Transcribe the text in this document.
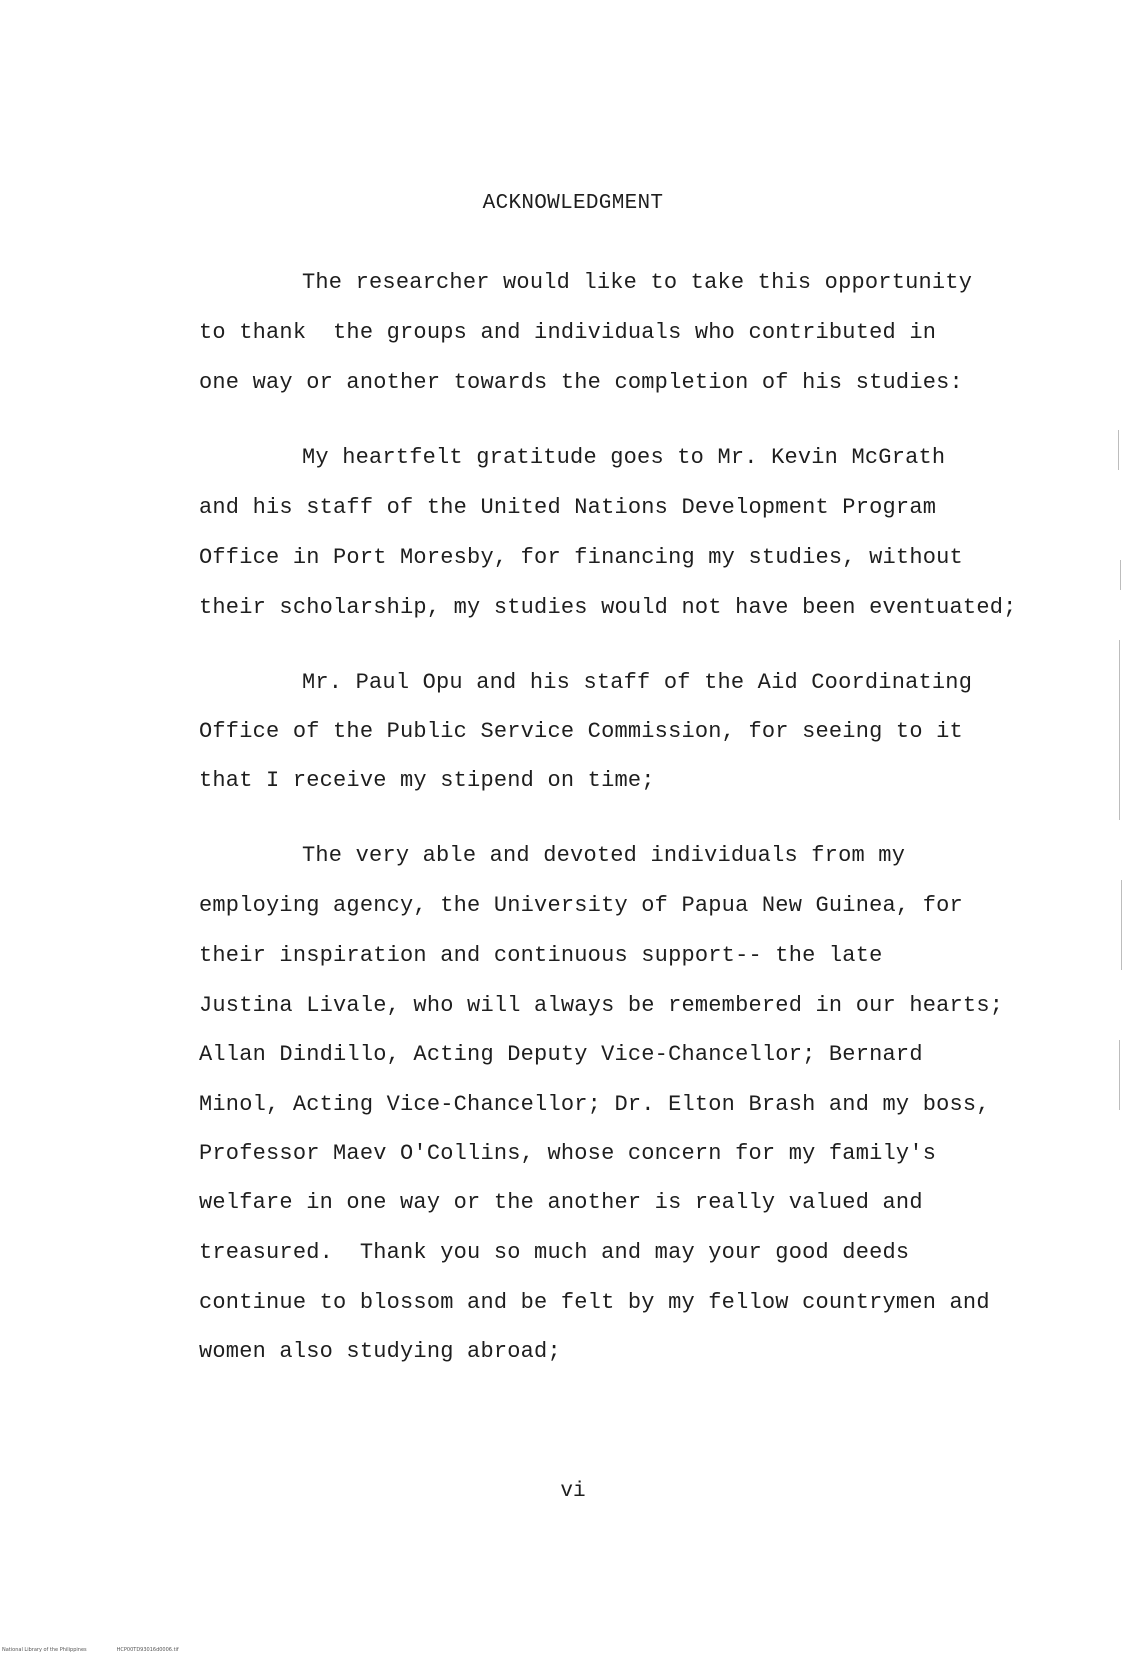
ACKNOWLEDGMENT
The researcher would like to take this opportunity
to thank  the groups and individuals who contributed in
one way or another towards the completion of his studies:
My heartfelt gratitude goes to Mr. Kevin McGrath
and his staff of the United Nations Development Program
Office in Port Moresby, for financing my studies, without
their scholarship, my studies would not have been eventuated;
Mr. Paul Opu and his staff of the Aid Coordinating
Office of the Public Service Commission, for seeing to it
that I receive my stipend on time;
The very able and devoted individuals from my
employing agency, the University of Papua New Guinea, for
their inspiration and continuous support-- the late
Justina Livale, who will always be remembered in our hearts;
Allan Dindillo, Acting Deputy Vice-Chancellor; Bernard
Minol, Acting Vice-Chancellor; Dr. Elton Brash and my boss,
Professor Maev O'Collins, whose concern for my family's
welfare in one way or the another is really valued and
treasured.  Thank you so much and may your good deeds
continue to blossom and be felt by my fellow countrymen and
women also studying abroad;
vi
National Library of the Philippines	HCP00TD93016d0006.tif
